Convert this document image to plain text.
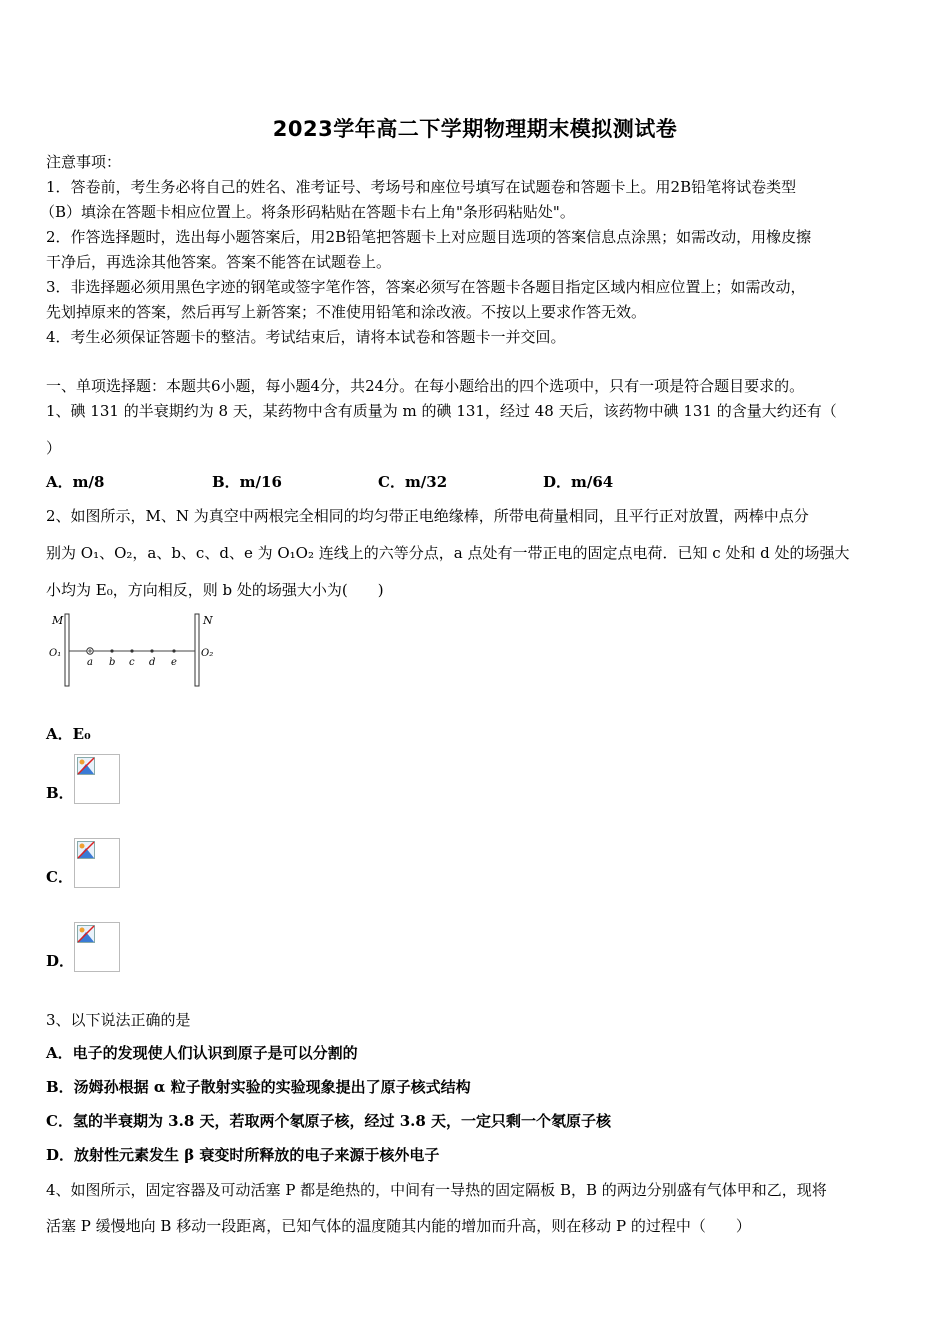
2023学年高二下学期物理期末模拟测试卷
注意事项：
1．答卷前，考生务必将自己的姓名、准考证号、考场号和座位号填写在试题卷和答题卡上。用2B铅笔将试卷类型
（B）填涂在答题卡相应位置上。将条形码粘贴在答题卡右上角"条形码粘贴处"。
2．作答选择题时，选出每小题答案后，用2B铅笔把答题卡上对应题目选项的答案信息点涂黑；如需改动，用橡皮擦
干净后，再选涂其他答案。答案不能答在试题卷上。
3．非选择题必须用黑色字迹的钢笔或签字笔作答，答案必须写在答题卡各题目指定区域内相应位置上；如需改动，
先划掉原来的答案，然后再写上新答案；不准使用铅笔和涂改液。不按以上要求作答无效。
4．考生必须保证答题卡的整洁。考试结束后，请将本试卷和答题卡一并交回。
一、单项选择题：本题共6小题，每小题4分，共24分。在每小题给出的四个选项中，只有一项是符合题目要求的。
1、碘 131 的半衰期约为 8 天，某药物中含有质量为 m 的碘 131，经过 48 天后，该药物中碘 131 的含量大约还有（
）
A．m/8	B．m/16	C．m/32	D．m/64
2、如图所示，M、N 为真空中两根完全相同的均匀带正电绝缘棒，所带电荷量相同，且平行正对放置，两棒中点分
别为 O₁、O₂，a、b、c、d、e 为 O₁O₂ 连线上的六等分点，a 点处有一带正电的固定点电荷．已知 c 处和 d 处的场强大
小均为 E₀，方向相反，则 b 处的场强大小为(　　)
M	N
O₁	O₂
a b c d e
A．E₀
B．
C．
D．
3、以下说法正确的是
A．电子的发现使人们认识到原子是可以分割的
B．汤姆孙根据 α 粒子散射实验的实验现象提出了原子核式结构
C．氢的半衰期为 3.8 天，若取两个氡原子核，经过 3.8 天，一定只剩一个氡原子核
D．放射性元素发生 β 衰变时所释放的电子来源于核外电子
4、如图所示，固定容器及可动活塞 P 都是绝热的，中间有一导热的固定隔板 B，B 的两边分别盛有气体甲和乙，现将
活塞 P 缓慢地向 B 移动一段距离，已知气体的温度随其内能的增加而升高，则在移动 P 的过程中（　　）
